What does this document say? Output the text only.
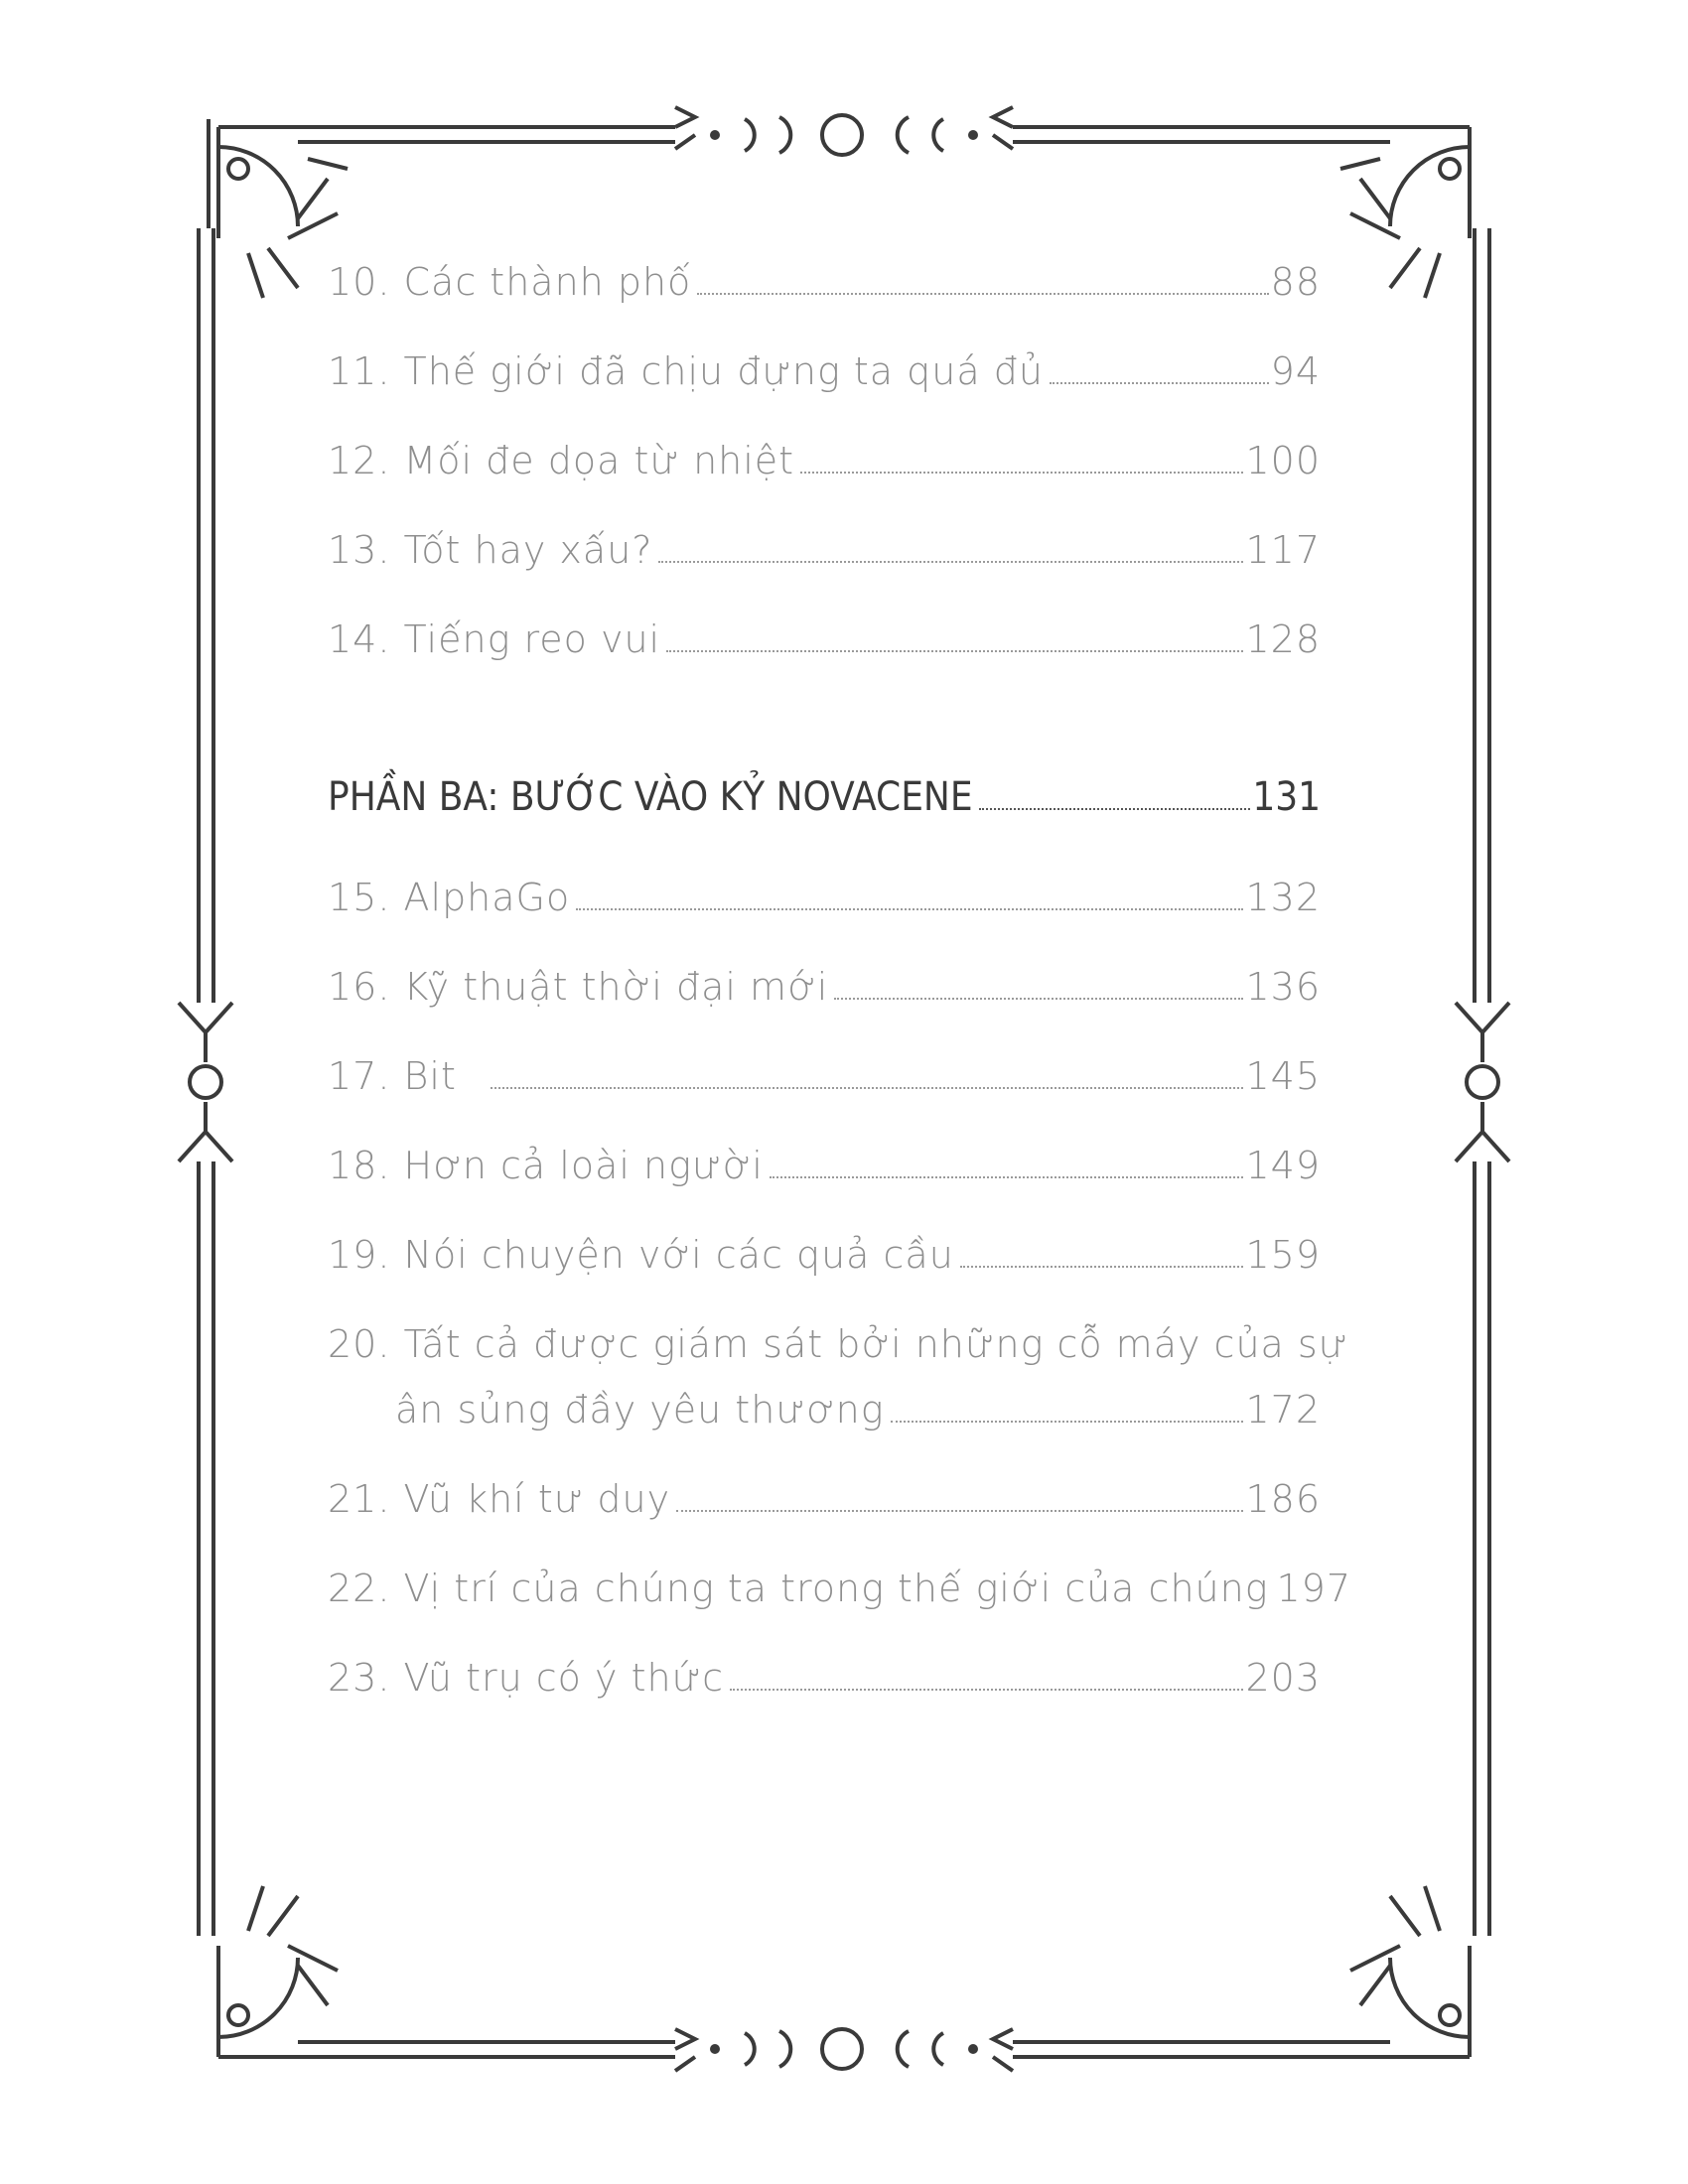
10. Các thành phố	88
11. Thế giới đã chịu đựng ta quá đủ	94
12. Mối đe dọa từ nhiệt	100
13. Tốt hay xấu?	117
14. Tiếng reo vui	128
PHẦN BA: BƯỚC VÀO KỶ NOVACENE	131
15. AlphaGo	132
16. Kỹ thuật thời đại mới	136
17. Bit	145
18. Hơn cả loài người	149
19. Nói chuyện với các quả cầu	159
20. Tất cả được giám sát bởi những cỗ máy của sự
ân sủng đầy yêu thương	172
21. Vũ khí tư duy	186
22. Vị trí của chúng ta trong thế giới của chúng 197
23. Vũ trụ có ý thức	203
